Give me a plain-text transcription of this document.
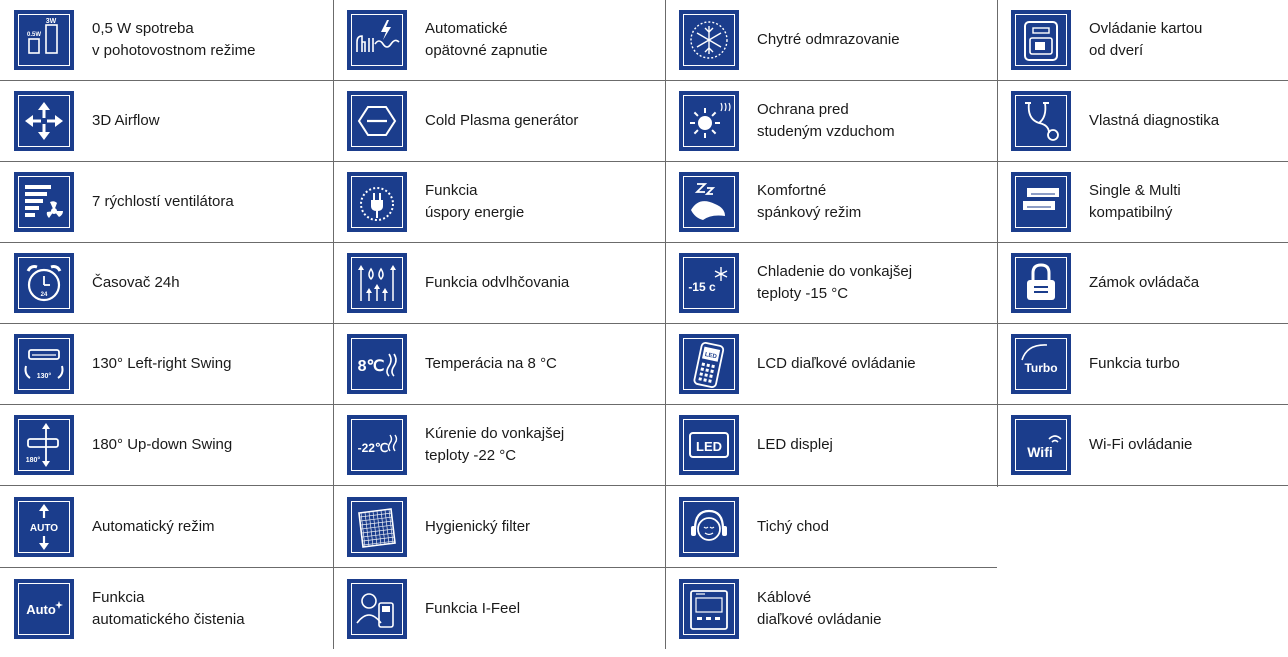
3W
0.5W	0,5 W spotreba
v pohotovostnom režime
3D Airflow
7 rýchlostí ventilátora
24
Časovač 24h
130°
130° Left-right Swing
180°
180° Up-down Swing
AUTO Automatický režim
Auto
Funkcia
automatického čistenia
Automatické
opätovné zapnutie
Cold Plasma generátor
Funkcia
úspory energie
Funkcia odvlhčovania
8℃	Temperácia na 8 °C
-22℃
Kúrenie do vonkajšej
teploty -22 °C
Hygienický filter
Funkcia I-Feel
Chytré odmrazovanie
Ochrana pred
studeným vzduchom
Komfortné
spánkový režim
-15 c
Chladenie do vonkajšej
teploty -15 °C
LED	LCD diaľkové ovládanie
LED LED displej
Tichý chod
Káblové
diaľkové ovládanie
Ovládanie kartou
od dverí
Vlastná diagnostika
Single & Multi
kompatibilný
Zámok ovládača
Turbo Funkcia turbo
Wifi Wi-Fi ovládanie
